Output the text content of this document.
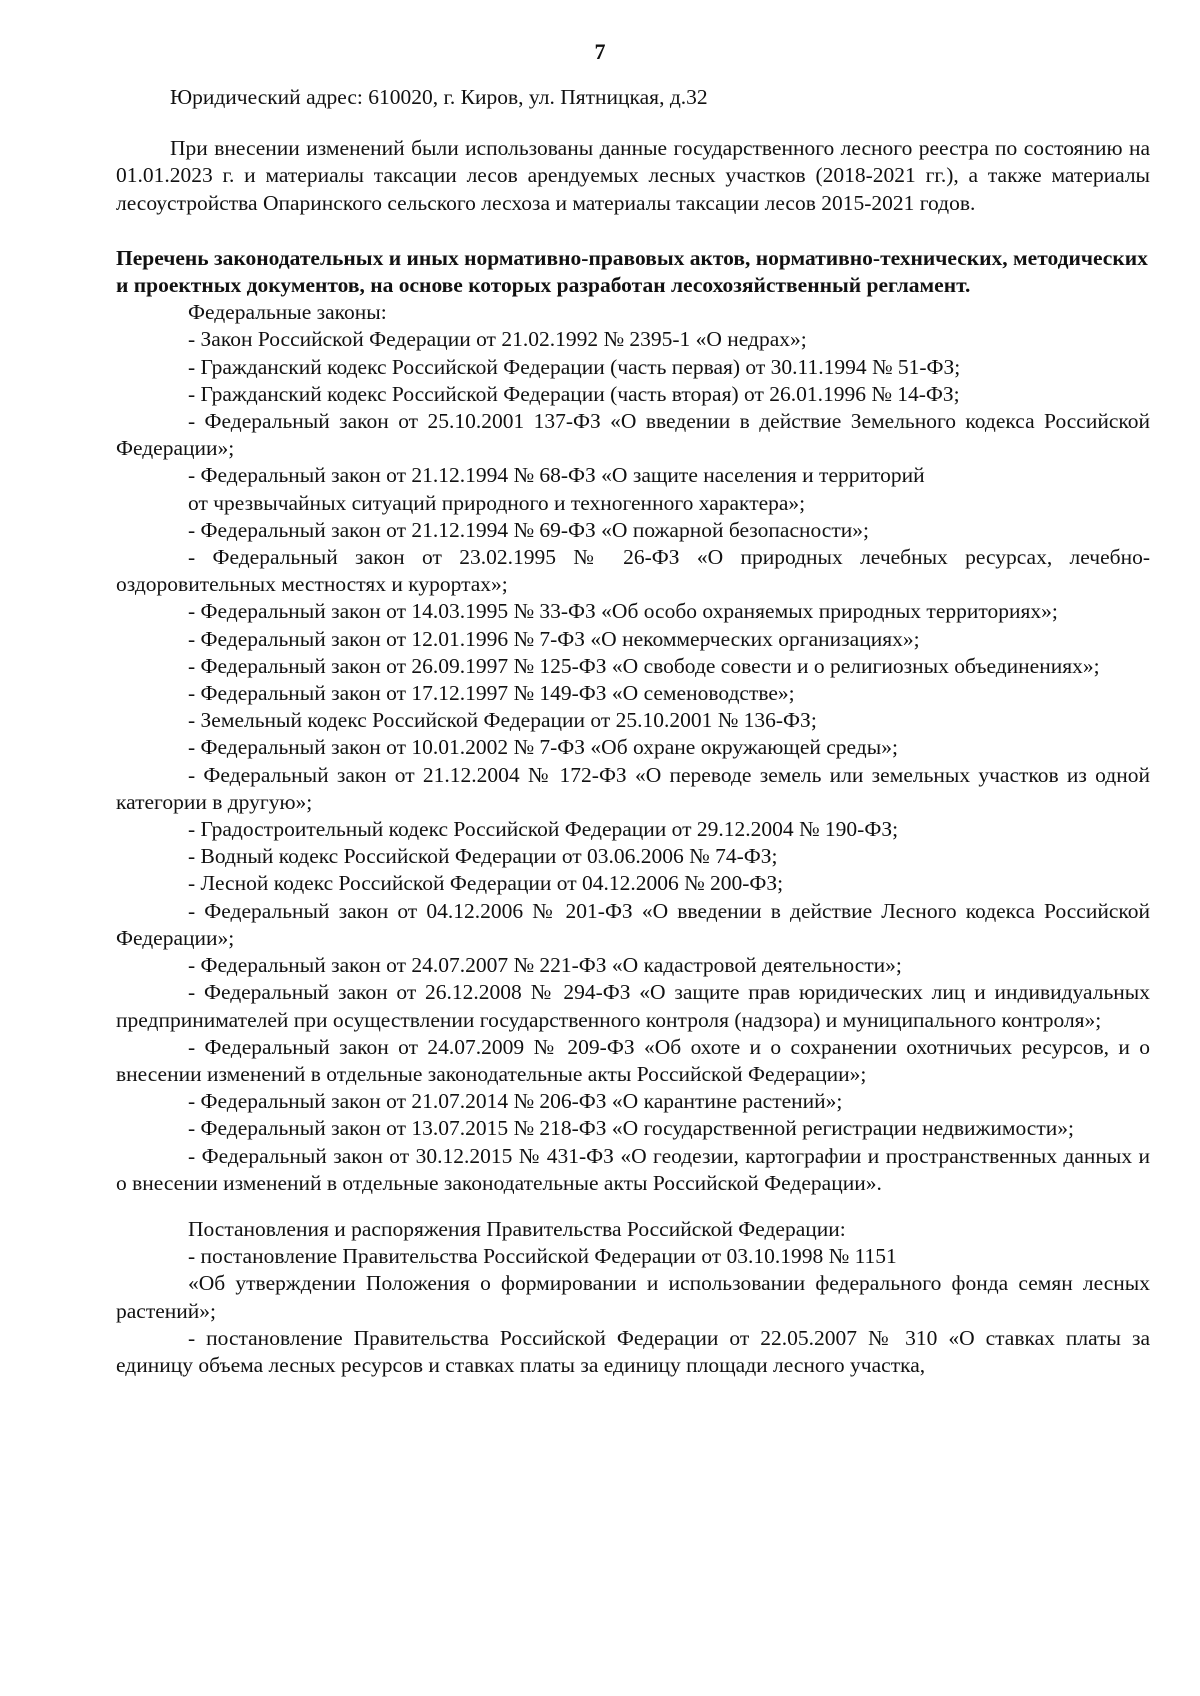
7

Юридический адрес: 610020, г. Киров, ул. Пятницкая, д.32

При внесении изменений были использованы данные государственного лесного реестра по состоянию на 01.01.2023 г. и материалы таксации лесов арендуемых лесных участков (2018-2021 гг.), а также материалы лесоустройства Опаринского сельского лесхоза и материалы таксации лесов 2015-2021 годов.

Перечень законодательных и иных нормативно-правовых актов, нормативно-технических, методических и проектных документов, на основе которых разработан лесохозяйственный регламент.

Федеральные законы:

- Закон Российской Федерации от 21.02.1992 № 2395-1 «О недрах»;

- Гражданский кодекс Российской Федерации (часть первая) от 30.11.1994 № 51-ФЗ;

- Гражданский кодекс Российской Федерации (часть вторая) от 26.01.1996 № 14-ФЗ;

- Федеральный закон от 25.10.2001 137-ФЗ «О введении в действие Земельного кодекса Российской Федерации»;

- Федеральный закон от 21.12.1994 № 68-ФЗ «О защите населения и территорий

от чрезвычайных ситуаций природного и техногенного характера»;

- Федеральный закон от 21.12.1994 № 69-ФЗ «О пожарной безопасности»;

- Федеральный закон от 23.02.1995 № 26-ФЗ «О природных лечебных ресурсах, лечебно-оздоровительных местностях и курортах»;

- Федеральный закон от 14.03.1995 № 33-ФЗ «Об особо охраняемых природных территориях»;

- Федеральный закон от 12.01.1996 № 7-ФЗ «О некоммерческих организациях»;

- Федеральный закон от 26.09.1997 № 125-ФЗ «О свободе совести и о религиозных объединениях»;

- Федеральный закон от 17.12.1997 № 149-ФЗ «О семеноводстве»;

- Земельный кодекс Российской Федерации от 25.10.2001 № 136-ФЗ;

- Федеральный закон от 10.01.2002 № 7-ФЗ «Об охране окружающей среды»;

- Федеральный закон от 21.12.2004 № 172-ФЗ «О переводе земель или земельных участков из одной категории в другую»;

- Градостроительный кодекс Российской Федерации от 29.12.2004 № 190-ФЗ;

- Водный кодекс Российской Федерации от 03.06.2006 № 74-ФЗ;

- Лесной кодекс Российской Федерации от 04.12.2006 № 200-ФЗ;

- Федеральный закон от 04.12.2006 № 201-ФЗ «О введении в действие Лесного кодекса Российской Федерации»;

- Федеральный закон от 24.07.2007 № 221-ФЗ «О кадастровой деятельности»;

- Федеральный закон от 26.12.2008 № 294-ФЗ «О защите прав юридических лиц и индивидуальных предпринимателей при осуществлении государственного контроля (надзора) и муниципального контроля»;

- Федеральный закон от 24.07.2009 № 209-ФЗ «Об охоте и о сохранении охотничьих ресурсов, и о внесении изменений в отдельные законодательные акты Российской Федерации»;

- Федеральный закон от 21.07.2014 № 206-ФЗ «О карантине растений»;

- Федеральный закон от 13.07.2015 № 218-ФЗ «О государственной регистрации недвижимости»;

- Федеральный закон от 30.12.2015 № 431-ФЗ «О геодезии, картографии и пространственных данных и о внесении изменений в отдельные законодательные акты Российской Федерации».

Постановления и распоряжения Правительства Российской Федерации:

- постановление Правительства Российской Федерации от 03.10.1998 № 1151

«Об утверждении Положения о формировании и использовании федерального фонда семян лесных растений»;

- постановление Правительства Российской Федерации от 22.05.2007 № 310 «О ставках платы за единицу объема лесных ресурсов и ставках платы за единицу площади лесного участка,
